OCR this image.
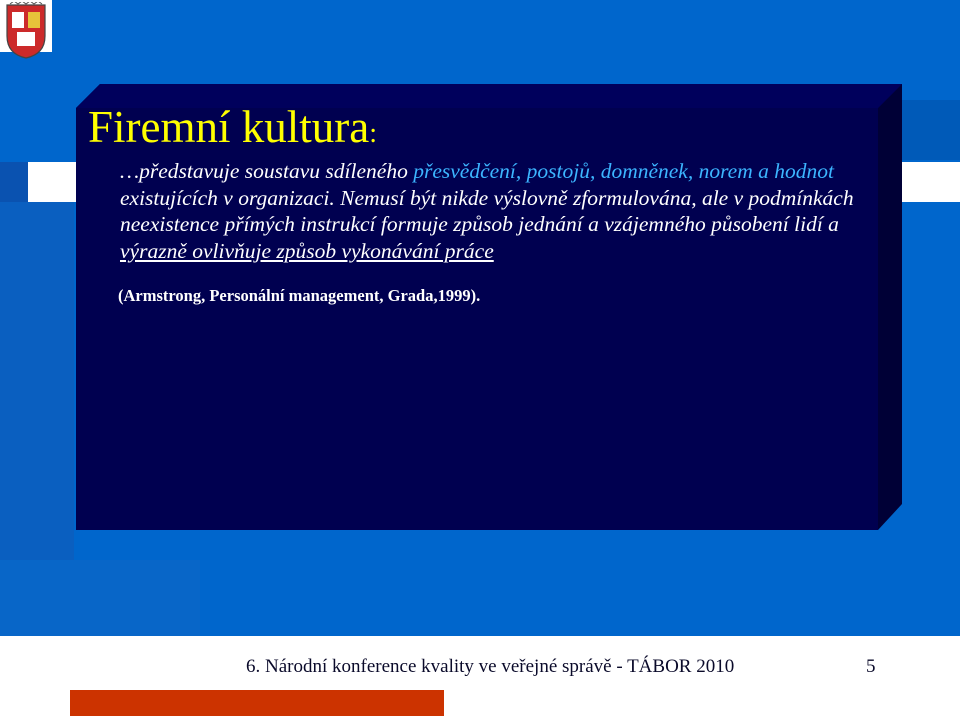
Firemní kultura:

…představuje soustavu sdíleného přesvědčení, postojů, domněnek, norem a hodnot existujících v organizaci. Nemusí být nikde výslovně zformulována, ale v podmínkách neexistence přímých instrukcí formuje způsob jednání a vzájemného působení lidí a výrazně ovlivňuje způsob vykonávání práce

(Armstrong, Personální management, Grada,1999).

6. Národní konference kvality ve veřejné správě - TÁBOR 2010	5
